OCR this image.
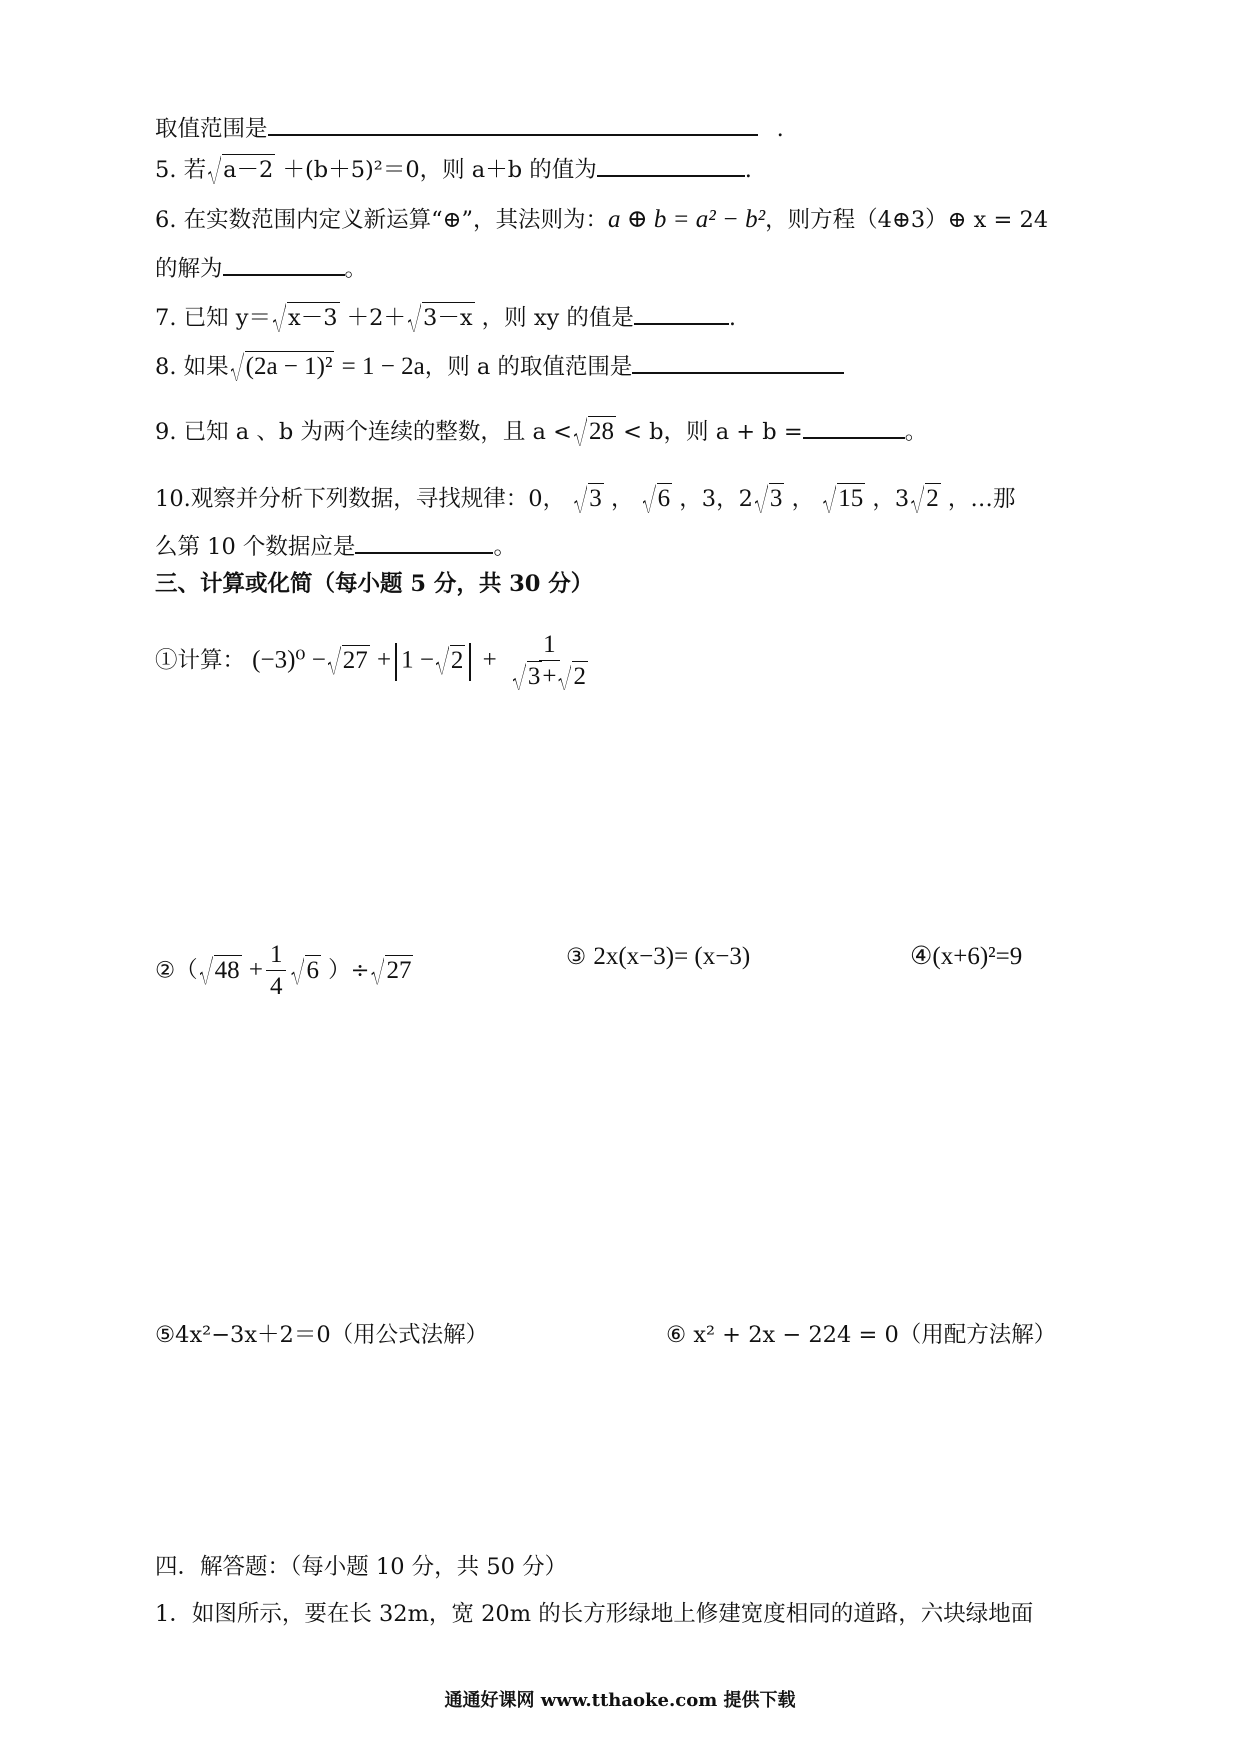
取值范围是	.
5. 若 a－2 ＋(b＋5)²＝0，则 a＋b 的值为	.
6. 在实数范围内定义新运算“⊕”，其法则为：a ⊕ b = a² − b²，则方程（4⊕3）⊕ x = 24
的解为	。
7. 已知 y＝ x－3 ＋2＋ 3－x ，则 xy 的值是	.
8. 如果 (2a − 1)² = 1 − 2a，则 a 的取值范围是
9. 已知 a 、b 为两个连续的整数，且 a < 28 < b，则 a + b =	。
10.观察并分析下列数据，寻找规律：0， 3 ， 6 ，3，2 3 ， 15 ，3 2 ，…那
么第 10 个数据应是	。
三、计算或化简（每小题 5 分，共 30 分）
①计算： $(-3)^0 - 27 + 1 - 2 + \frac{1}{3+ 2}$
②（ $48 + \frac{1}{4} 6$ ）÷ 27	③ 2x(x−3)= (x−3)	④(x+6)²=9
⑤4x²−3x＋2＝0（用公式法解）	⑥ x² + 2x − 224 = 0（用配方法解）
四．解答题：（每小题 10 分，共 50 分）
1．如图所示，要在长 32m，宽 20m 的长方形绿地上修建宽度相同的道路，六块绿地面
通通好课网 www.tthaoke.com 提供下载
